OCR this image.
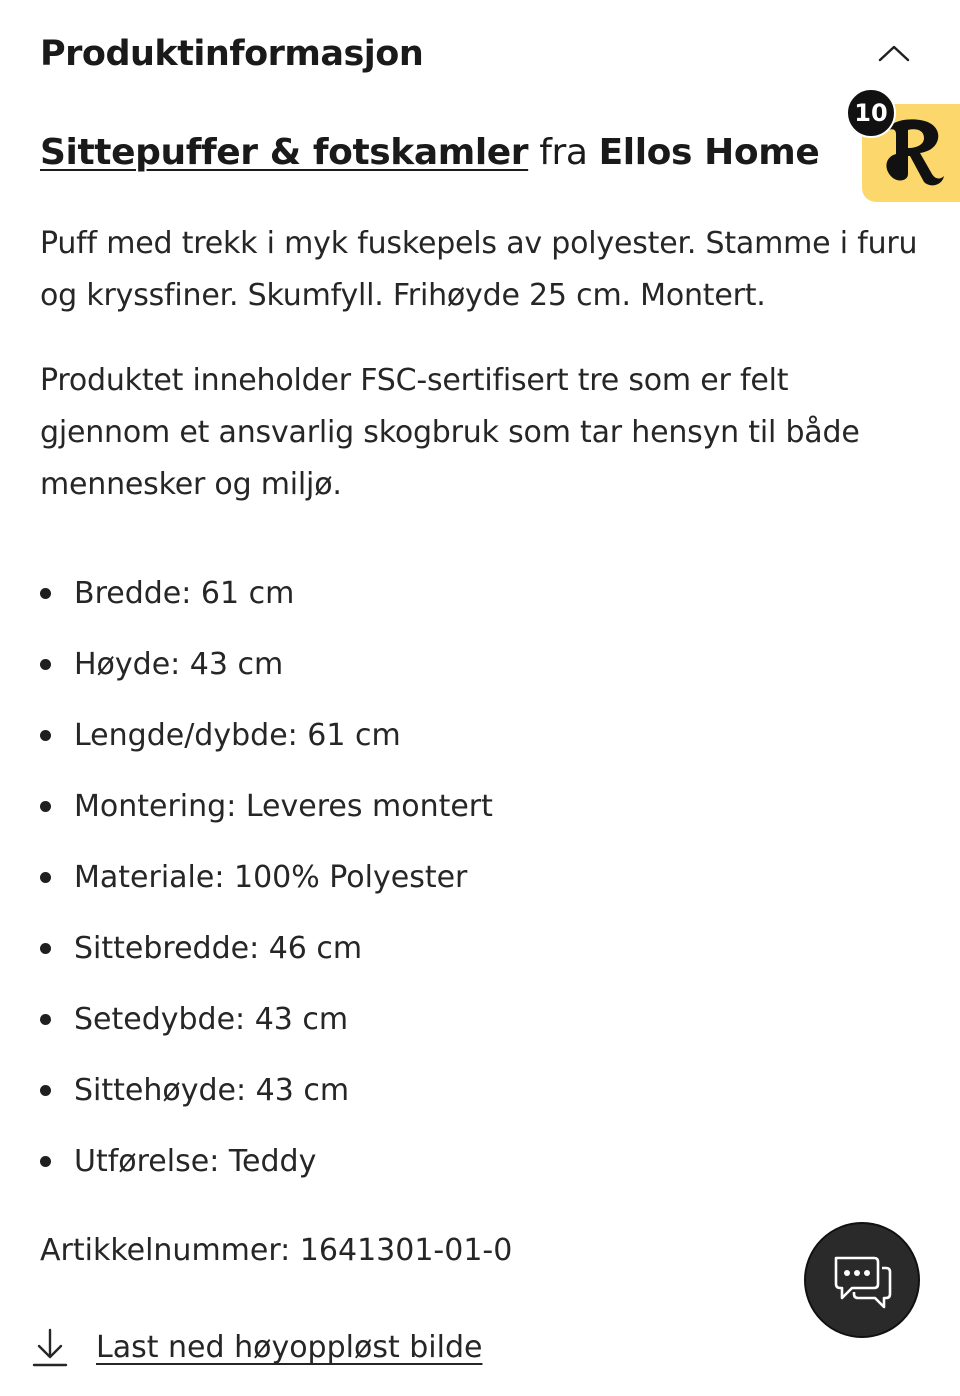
Produktinformasjon
Sittepuffer & fotskamler fra Ellos Home
Puff med trekk i myk fuskepels av polyester. Stamme i furu og kryssfiner. Skumfyll. Frihøyde 25 cm. Montert.
Produktet inneholder FSC-sertifisert tre som er felt gjennom et ansvarlig skogbruk som tar hensyn til både mennesker og miljø.
Bredde: 61 cm
Høyde: 43 cm
Lengde/dybde: 61 cm
Montering: Leveres montert
Materiale: 100% Polyester
Sittebredde: 46 cm
Setedybde: 43 cm
Sittehøyde: 43 cm
Utførelse: Teddy
Artikkelnummer: 1641301-01-0
Last ned høyoppløst bilde
10
